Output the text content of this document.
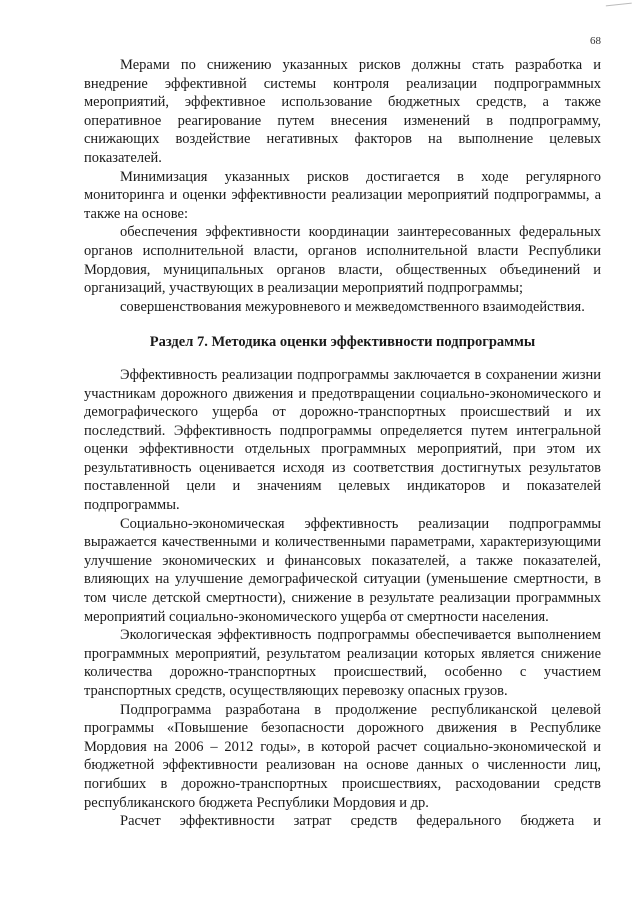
68

Мерами по снижению указанных рисков должны стать разработка и внедрение эффективной системы контроля реализации подпрограммных мероприятий, эффективное использование бюджетных средств, а также оперативное реагирование путем внесения изменений в подпрограмму, снижающих воздействие негативных факторов на выполнение целевых показателей.

Минимизация указанных рисков достигается в ходе регулярного мониторинга и оценки эффективности реализации мероприятий подпрограммы, а также на основе:

обеспечения эффективности координации заинтересованных федеральных органов исполнительной власти, органов исполнительной власти Республики Мордовия, муниципальных органов власти, общественных объединений и организаций, участвующих в реализации мероприятий подпрограммы;

совершенствования межуровневого и межведомственного взаимодействия.

Раздел 7. Методика оценки эффективности подпрограммы

Эффективность реализации подпрограммы заключается в сохранении жизни участникам дорожного движения и предотвращении социально-экономического и демографического ущерба от дорожно-транспортных происшествий и их последствий. Эффективность подпрограммы определяется путем интегральной оценки эффективности отдельных программных мероприятий, при этом их результативность оценивается исходя из соответствия достигнутых результатов поставленной цели и значениям целевых индикаторов и показателей подпрограммы.

Социально-экономическая эффективность реализации подпрограммы выражается качественными и количественными параметрами, характеризующими улучшение экономических и финансовых показателей, а также показателей, влияющих на улучшение демографической ситуации (уменьшение смертности, в том числе детской смертности), снижение в результате реализации программных мероприятий социально-экономического ущерба от смертности населения.

Экологическая эффективность подпрограммы обеспечивается выполнением программных мероприятий, результатом реализации которых является снижение количества дорожно-транспортных происшествий, особенно с участием транспортных средств, осуществляющих перевозку опасных грузов.

Подпрограмма разработана в продолжение республиканской целевой программы «Повышение безопасности дорожного движения в Республике Мордовия на 2006 – 2012 годы», в которой расчет социально-экономической и бюджетной эффективности реализован на основе данных о численности лиц, погибших в дорожно-транспортных происшествиях, расходовании средств республиканского бюджета Республики Мордовия и др.

Расчет эффективности затрат средств федерального бюджета и
